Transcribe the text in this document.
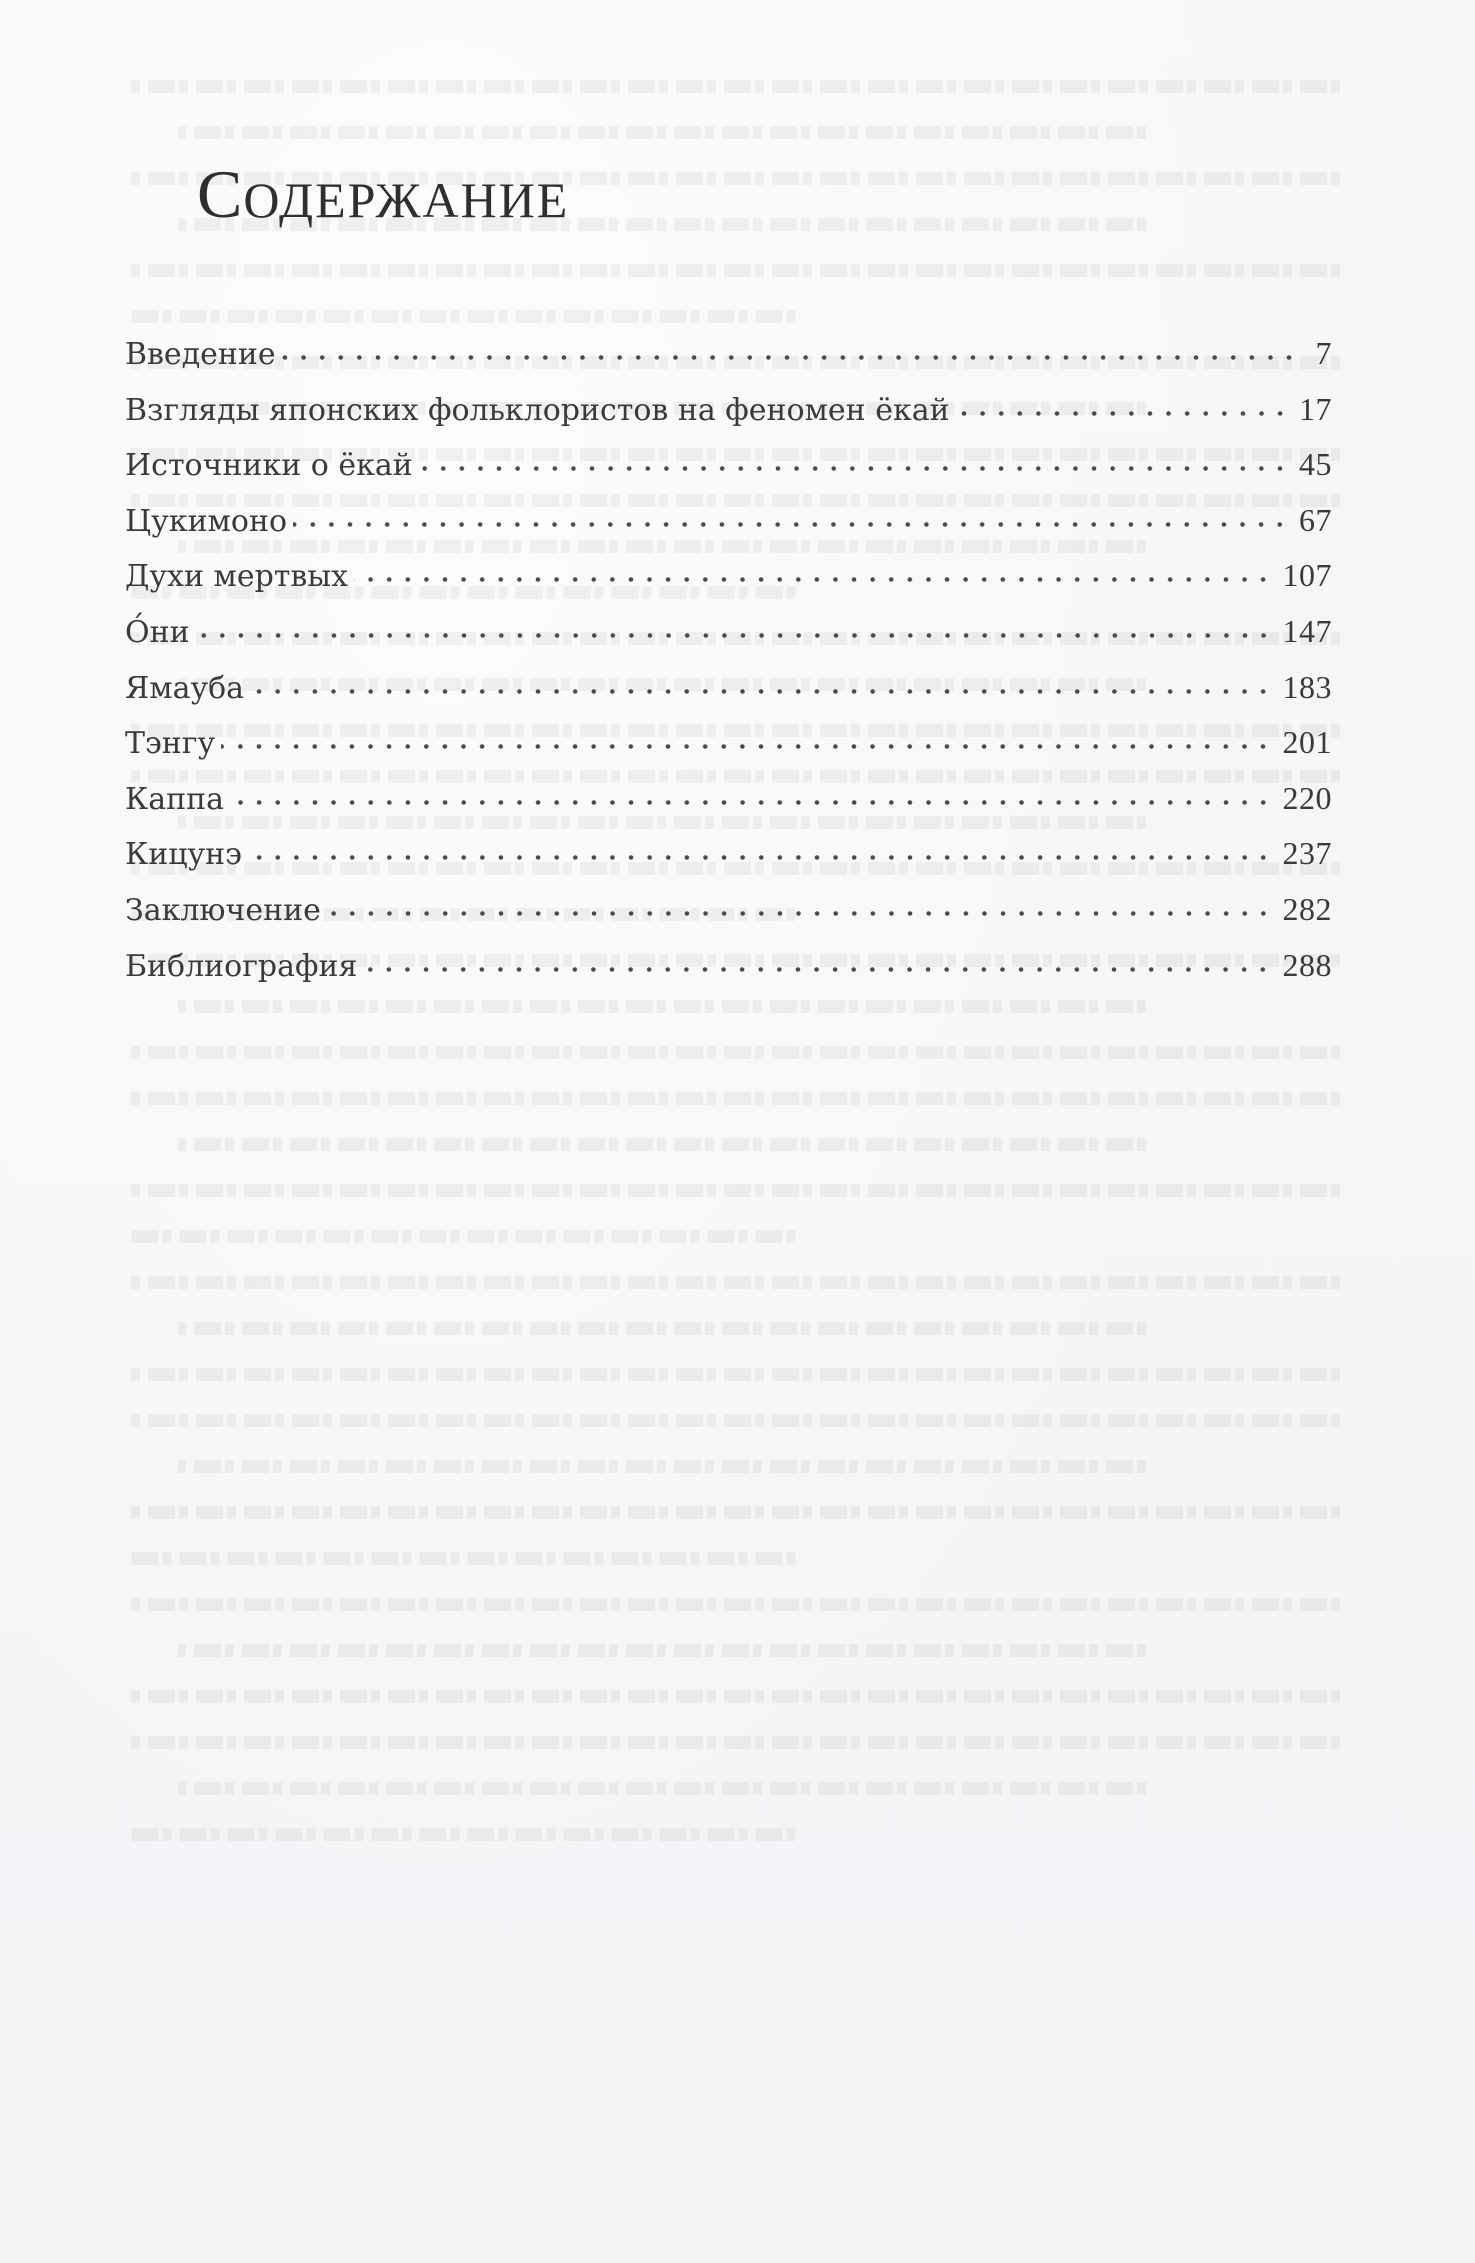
СОДЕРЖАНИЕ
Введение	7
Взгляды японских фольклористов на феномен ёкай	17
Источники о ёкай	45
Цукимоно	67
Духи мертвых	107
О́ни	147
Ямауба	183
Тэнгу	201
Каппа	220
Кицунэ	237
Заключение	282
Библиография	288
